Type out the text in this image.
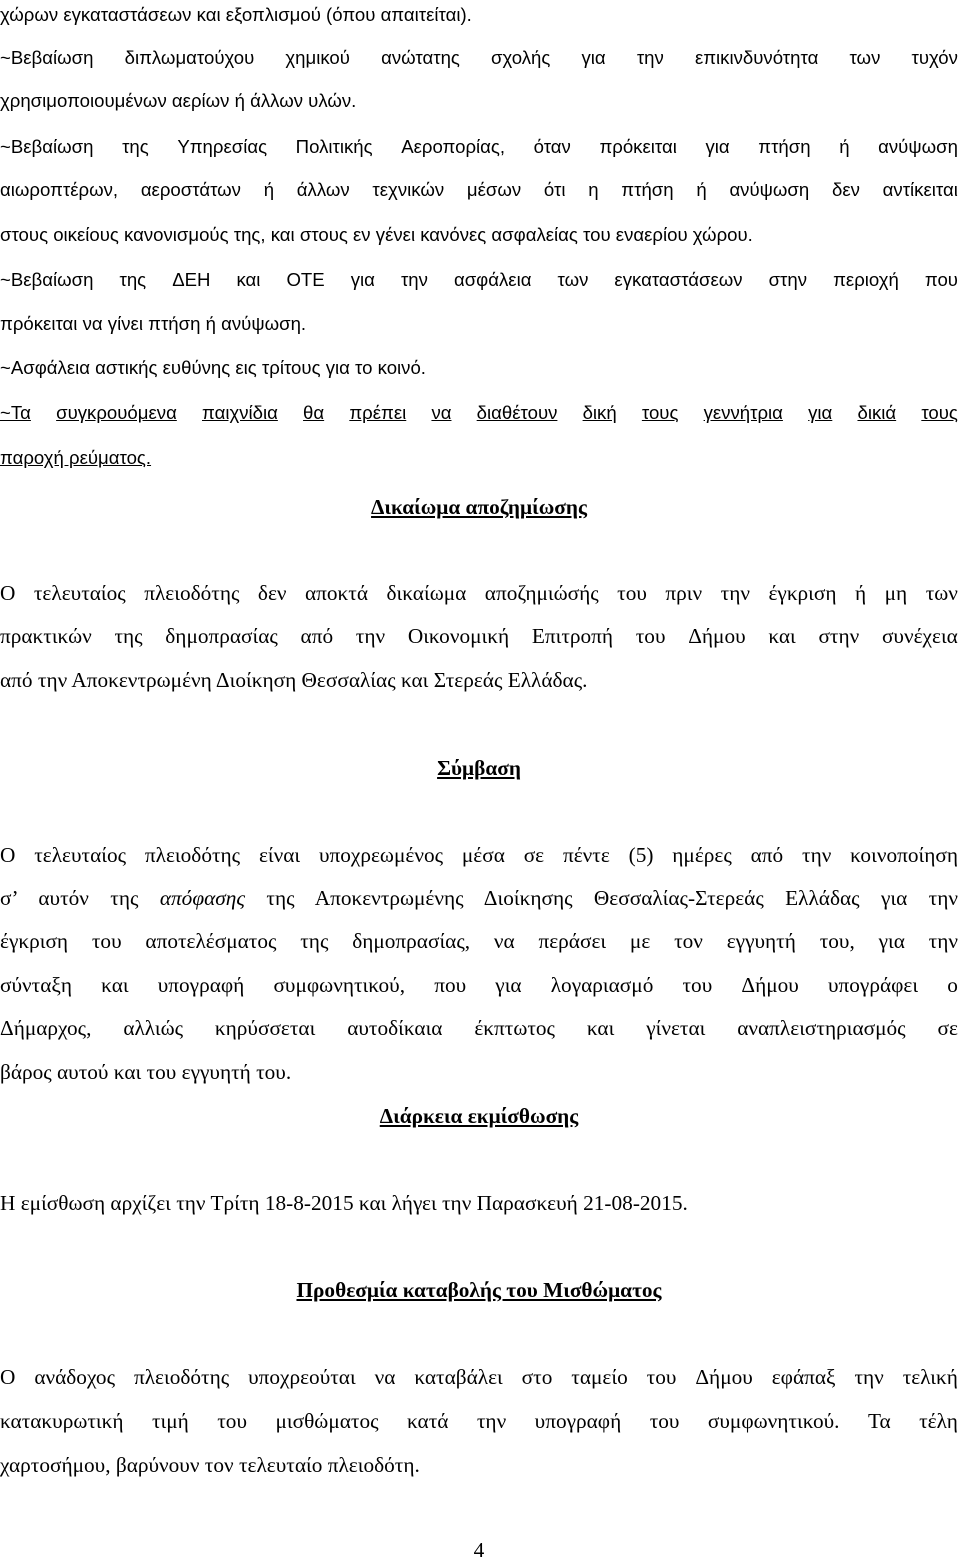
χώρων εγκαταστάσεων και εξοπλισμού (όπου απαιτείται).
~Βεβαίωση διπλωματούχου χημικού ανώτατης σχολής για την επικινδυνότητα των τυχόν
χρησιμοποιουμένων αερίων ή άλλων υλών.
~Βεβαίωση της Υπηρεσίας Πολιτικής Αεροπορίας, όταν πρόκειται για πτήση ή ανύψωση
αιωροπτέρων, αεροστάτων ή άλλων τεχνικών μέσων ότι η πτήση ή ανύψωση δεν αντίκειται
στους οικείους κανονισμούς της, και στους εν γένει κανόνες ασφαλείας του εναερίου χώρου.
~Βεβαίωση της ΔΕΗ και ΟΤΕ για την ασφάλεια των εγκαταστάσεων στην περιοχή που
πρόκειται να γίνει πτήση ή ανύψωση.
~Ασφάλεια αστικής ευθύνης εις τρίτους για το κοινό.
~Τα συγκρουόμενα παιχνίδια θα πρέπει να διαθέτουν δική τους γεννήτρια για δικιά τους
παροχή ρεύματος.
Δικαίωμα αποζημίωσης
Ο τελευταίος πλειοδότης δεν αποκτά δικαίωμα αποζημιώσής του πριν την έγκριση ή μη των
πρακτικών της δημοπρασίας από την Οικονομική Επιτροπή του Δήμου και στην συνέχεια
από την Αποκεντρωμένη Διοίκηση Θεσσαλίας και Στερεάς Ελλάδας.
Σύμβαση
Ο τελευταίος πλειοδότης είναι υποχρεωμένος μέσα σε πέντε (5) ημέρες από την κοινοποίηση
σ’ αυτόν της απόφασης της Αποκεντρωμένης Διοίκησης Θεσσαλίας-Στερεάς Ελλάδας για την
έγκριση του αποτελέσματος της δημοπρασίας, να περάσει με τον εγγυητή του, για την
σύνταξη και υπογραφή συμφωνητικού, που για λογαριασμό του Δήμου υπογράφει ο
Δήμαρχος, αλλιώς κηρύσσεται αυτοδίκαια έκπτωτος και γίνεται αναπλειστηριασμός σε
βάρος αυτού και του εγγυητή του.
Διάρκεια εκμίσθωσης
Η εμίσθωση αρχίζει την Τρίτη 18-8-2015 και λήγει την Παρασκευή 21-08-2015.
Προθεσμία καταβολής του Μισθώματος
Ο ανάδοχος πλειοδότης υποχρεούται να καταβάλει στο ταμείο του Δήμου εφάπαξ την τελική
κατακυρωτική τιμή του μισθώματος κατά την υπογραφή του συμφωνητικού. Τα τέλη
χαρτοσήμου, βαρύνουν τον τελευταίο πλειοδότη.
4
